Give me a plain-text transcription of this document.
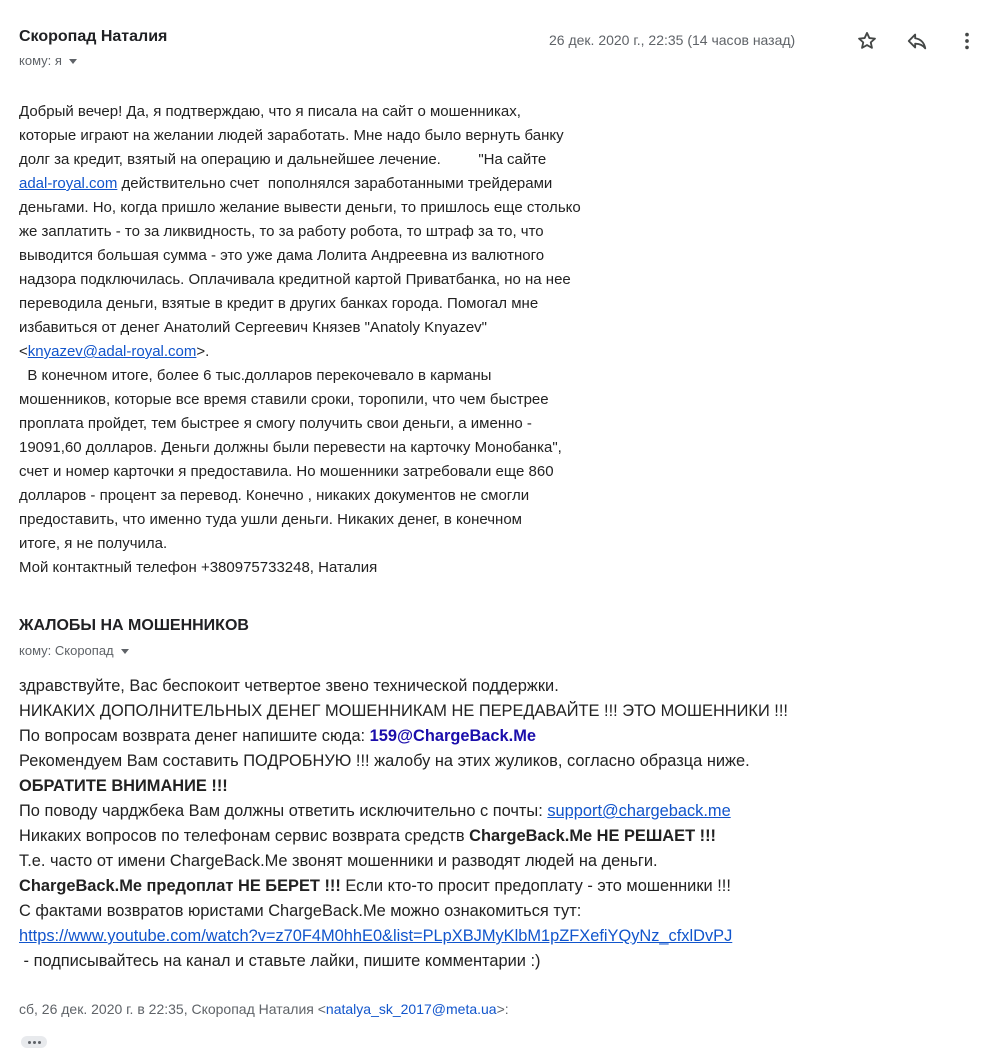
Скоропад Наталия
кому: я
26 дек. 2020 г., 22:35 (14 часов назад)
Добрый вечер! Да, я подтверждаю, что я писала на сайт о мошенниках,
которые играют на желании людей заработать. Мне надо было вернуть банку
долг за кредит, взятый на операцию и дальнейшее лечение.         "На сайте
adal-royal.com действительно счет  пополнялся заработанными трейдерами
деньгами. Но, когда пришло желание вывести деньги, то пришлось еще столько
же заплатить - то за ликвидность, то за работу робота, то штраф за то, что
выводится большая сумма - это уже дама Лолита Андреевна из валютного
надзора подключилась. Оплачивала кредитной картой Приватбанка, но на нее
переводила деньги, взятые в кредит в других банках города. Помогал мне
избавиться от денег Анатолий Сергеевич Князев "Anatoly Knyazev"
<knyazev@adal-royal.com>.
В конечном итоге, более 6 тыс.долларов перекочевало в карманы
мошенников, которые все время ставили сроки, торопили, что чем быстрее
проплата пройдет, тем быстрее я смогу получить свои деньги, а именно -
19091,60 долларов. Деньги должны были перевести на карточку Монобанка",
счет и номер карточки я предоставила. Но мошенники затребовали еще 860
долларов - процент за перевод. Конечно , никаких документов не смогли
предоставить, что именно туда ушли деньги. Никаких денег, в конечном
итоге, я не получила.
Мой контактный телефон +380975733248, Наталия
ЖАЛОБЫ НА МОШЕННИКОВ
кому: Скоропад
здравствуйте, Вас беспокоит четвертое звено технической поддержки.
НИКАКИХ ДОПОЛНИТЕЛЬНЫХ ДЕНЕГ МОШЕННИКАМ НЕ ПЕРЕДАВАЙТЕ !!! ЭТО МОШЕННИКИ !!!
По вопросам возврата денег напишите сюда: 159@ChargeBack.Me
Рекомендуем Вам составить ПОДРОБНУЮ !!! жалобу на этих жуликов, согласно образца ниже.
ОБРАТИТЕ ВНИМАНИЕ !!!
По поводу чарджбека Вам должны ответить исключительно с почты: support@chargeback.me
Никаких вопросов по телефонам сервис возврата средств ChargeBack.Me НЕ РЕШАЕТ !!!
Т.е. часто от имени ChargeBack.Me звонят мошенники и разводят людей на деньги.
ChargeBack.Me предоплат НЕ БЕРЕТ !!! Если кто-то просит предоплату - это мошенники !!!
С фактами возвратов юристами ChargeBack.Me можно ознакомиться тут:
https://www.youtube.com/watch?v=z70F4M0hhE0&list=PLpXBJMyKlbM1pZFXefiYQyNz_cfxlDvPJ
- подписывайтесь на канал и ставьте лайки, пишите комментарии :)
сб, 26 дек. 2020 г. в 22:35, Скоропад Наталия <natalya_sk_2017@meta.ua>:
